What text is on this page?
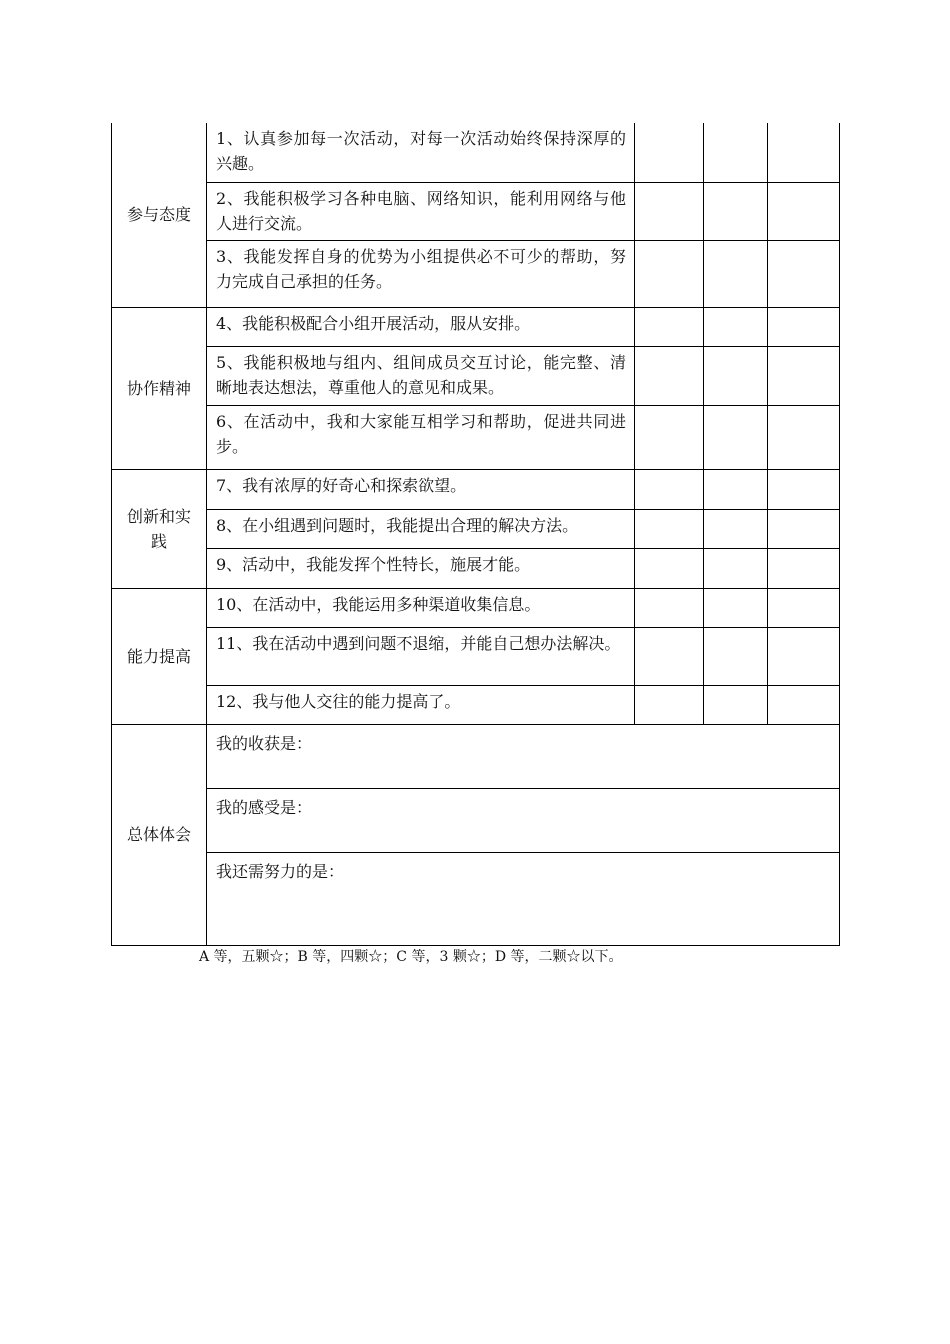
参与态度	1、认真参加每一次活动，对每一次活动始终保持深厚的兴趣。			
	2、我能积极学习各种电脑、网络知识，能利用网络与他人进行交流。			
	3、我能发挥自身的优势为小组提供必不可少的帮助，努力完成自己承担的任务。			
协作精神	4、我能积极配合小组开展活动，服从安排。			
	5、我能积极地与组内、组间成员交互讨论，能完整、清晰地表达想法，尊重他人的意见和成果。			
	6、在活动中，我和大家能互相学习和帮助，促进共同进步。			
创新和实践	7、我有浓厚的好奇心和探索欲望。			
	8、在小组遇到问题时，我能提出合理的解决方法。			
	9、活动中，我能发挥个性特长，施展才能。			
能力提高	10、在活动中，我能运用多种渠道收集信息。			
	11、我在活动中遇到问题不退缩，并能自己想办法解决。			
	12、我与他人交往的能力提高了。			
总体体会	我的收获是：			
	我的感受是：			
	我还需努力的是：			
A 等，五颗☆；B 等，四颗☆；C 等，3 颗☆；D 等，二颗☆以下。
